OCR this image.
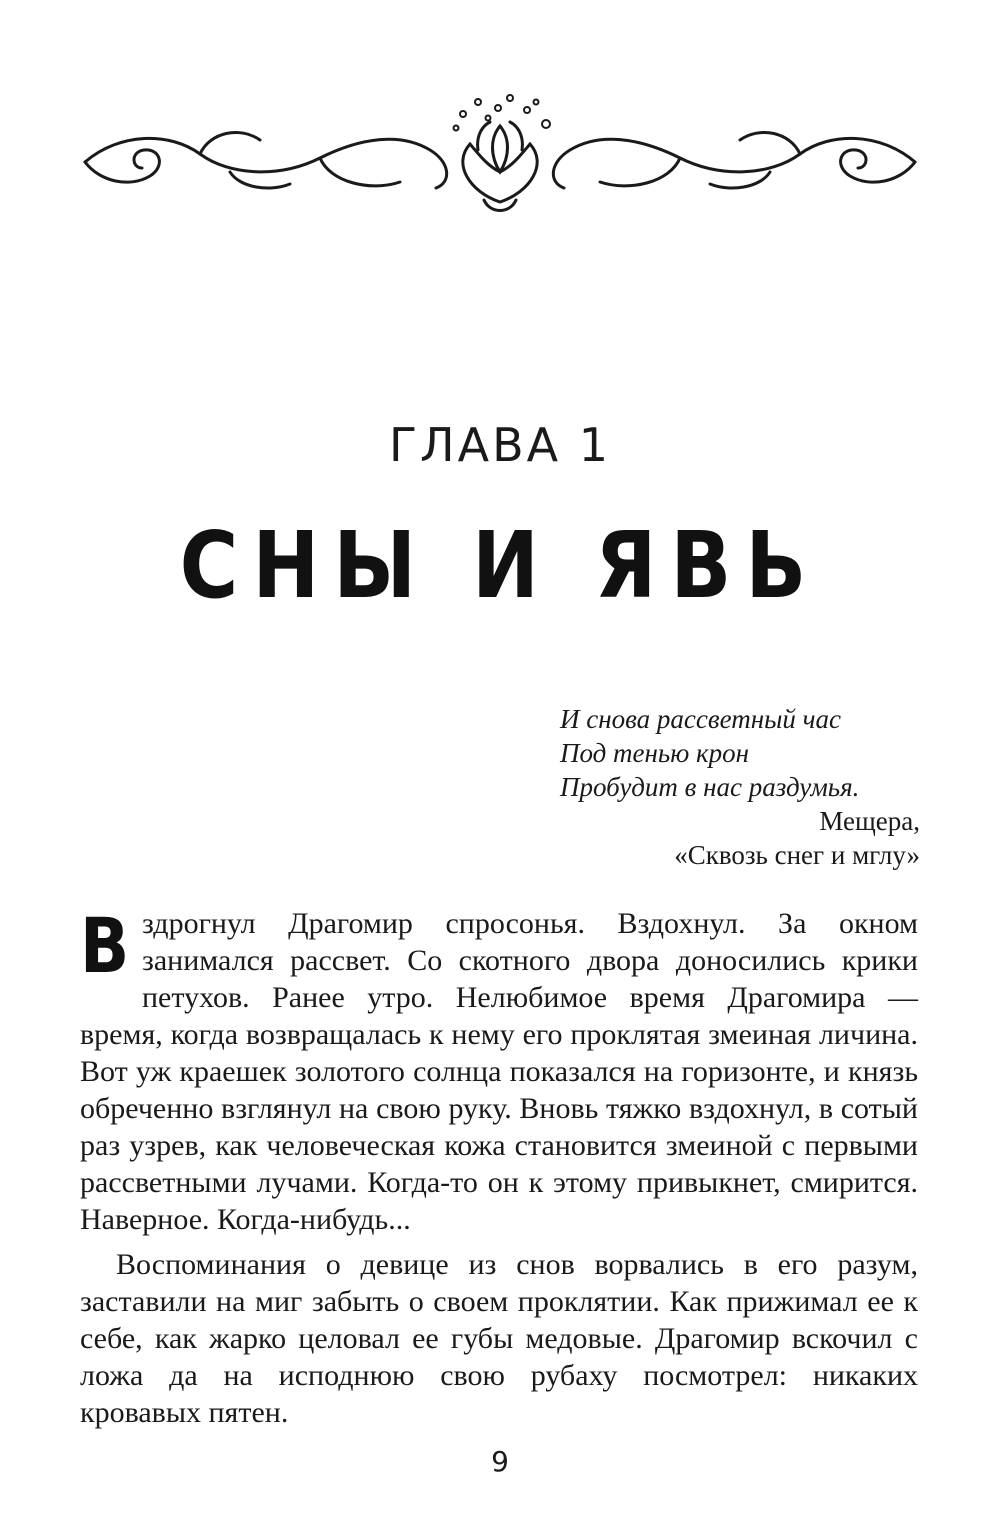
ГЛАВА 1
СНЫ И ЯВЬ
И снова рассветный час
Под тенью крон
Пробудит в нас раздумья.
Мещера,
«Сквозь снег и мглу»

В здрогнул Драгомир спросонья. Вздохнул. За окном занимался рассвет. Со скотного двора доносились крики петухов. Ранее утро. Нелюбимое время Драгомира — время, когда возвращалась к нему его проклятая змеиная личина. Вот уж краешек золотого солнца показался на горизонте, и князь обреченно взглянул на свою руку. Вновь тяжко вздохнул, в сотый раз узрев, как человеческая кожа становится змеиной с первыми рассветными лучами. Когда-то он к этому привыкнет, смирится. Наверное. Когда-нибудь...

Воспоминания о девице из снов ворвались в его разум, заставили на миг забыть о своем проклятии. Как прижимал ее к себе, как жарко целовал ее губы медовые. Драгомир вскочил с ложа да на исподнюю свою рубаху посмотрел: никаких кровавых пятен.

9
